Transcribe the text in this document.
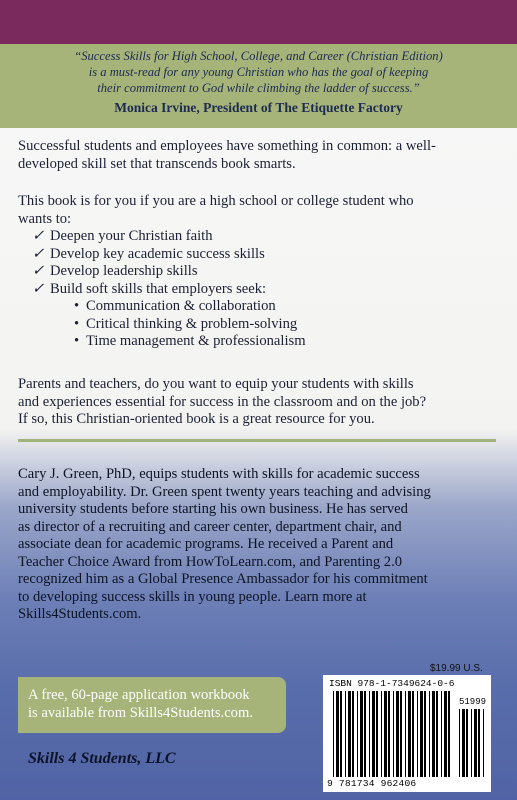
“Success Skills for High School, College, and Career (Christian Edition)
is a must-read for any young Christian who has the goal of keeping
their commitment to God while climbing the ladder of success.”
Monica Irvine, President of The Etiquette Factory
Successful students and employees have something in common: a well-
developed skill set that transcends book smarts.
This book is for you if you are a high school or college student who
wants to:
✓ Deepen your Christian faith
✓ Develop key academic success skills
✓ Develop leadership skills
✓ Build soft skills that employers seek:
• Communication & collaboration
• Critical thinking & problem-solving
• Time management & professionalism
Parents and teachers, do you want to equip your students with skills
and experiences essential for success in the classroom and on the job?
If so, this Christian-oriented book is a great resource for you.
Cary J. Green, PhD, equips students with skills for academic success
and employability. Dr. Green spent twenty years teaching and advising
university students before starting his own business. He has served
as director of a recruiting and career center, department chair, and
associate dean for academic programs. He received a Parent and
Teacher Choice Award from HowToLearn.com, and Parenting 2.0
recognized him as a Global Presence Ambassador for his commitment
to developing success skills in young people. Learn more at
Skills4Students.com.
$19.99 U.S.
A free, 60-page application workbook
is available from Skills4Students.com.
Skills 4 Students, LLC
ISBN 978-1-7349624-0-6
51999
9 781734 962406
